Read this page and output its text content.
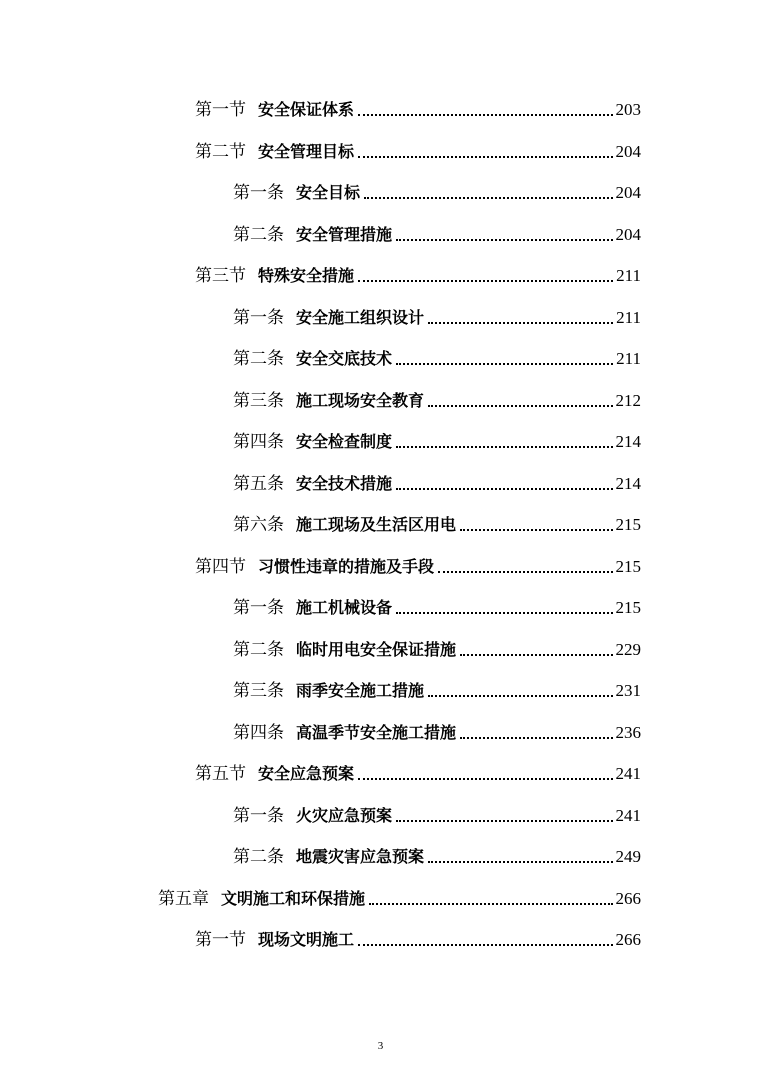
第一节 安全保证体系	203
第二节 安全管理目标	204
第一条 安全目标	204
第二条 安全管理措施	204
第三节 特殊安全措施	211
第一条 安全施工组织设计	211
第二条 安全交底技术	211
第三条 施工现场安全教育	212
第四条 安全检查制度	214
第五条 安全技术措施	214
第六条 施工现场及生活区用电	215
第四节 习惯性违章的措施及手段	215
第一条 施工机械设备	215
第二条 临时用电安全保证措施	229
第三条 雨季安全施工措施	231
第四条 高温季节安全施工措施	236
第五节 安全应急预案	241
第一条 火灾应急预案	241
第二条 地震灾害应急预案	249
第五章 文明施工和环保措施	266
第一节 现场文明施工	266
3
